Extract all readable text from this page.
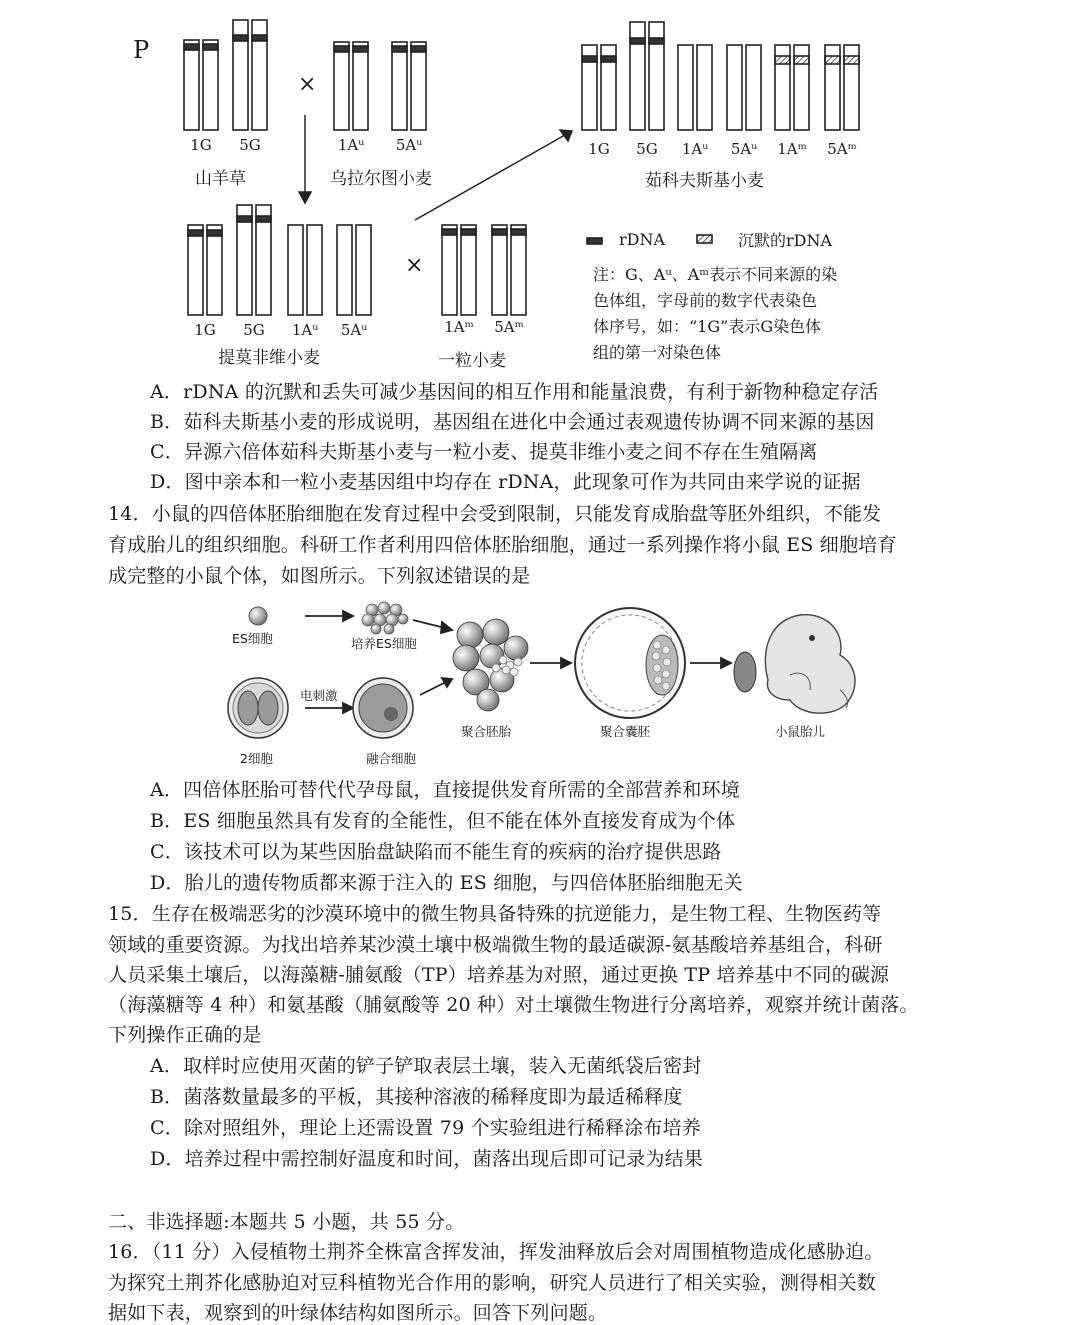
P
×
×
1G	5G
山羊草
1Aᵘ 5Aᵘ
乌拉尔图小麦
1G	5G	1Aᵘ 5Aᵘ 1Aᵐ 5Aᵐ
茹科夫斯基小麦
1G	5G	1Aᵘ 5Aᵘ
提莫非维小麦
1Aᵐ 5Aᵐ
一粒小麦
rDNA	沉默的rDNA
注：G、Aᵘ、Aᵐ表示不同来源的染
色体组，字母前的数字代表染色
体序号，如：“1G”表示G染色体
组的第一对染色体
A．rDNA 的沉默和丢失可减少基因间的相互作用和能量浪费，有利于新物种稳定存活
B．茹科夫斯基小麦的形成说明，基因组在进化中会通过表观遗传协调不同来源的基因
C．异源六倍体茹科夫斯基小麦与一粒小麦、提莫非维小麦之间不存在生殖隔离
D．图中亲本和一粒小麦基因组中均存在 rDNA，此现象可作为共同由来学说的证据
14．小鼠的四倍体胚胎细胞在发育过程中会受到限制，只能发育成胎盘等胚外组织，不能发
育成胎儿的组织细胞。科研工作者利用四倍体胚胎细胞，通过一系列操作将小鼠 ES 细胞培育
成完整的小鼠个体，如图所示。下列叙述错误的是
ES细胞	培养ES细胞
电刺激
2细胞	融合细胞
聚合胚胎	聚合囊胚	小鼠胎儿
A．四倍体胚胎可替代代孕母鼠，直接提供发育所需的全部营养和环境
B．ES 细胞虽然具有发育的全能性，但不能在体外直接发育成为个体
C．该技术可以为某些因胎盘缺陷而不能生育的疾病的治疗提供思路
D．胎儿的遗传物质都来源于注入的 ES 细胞，与四倍体胚胎细胞无关
15．生存在极端恶劣的沙漠环境中的微生物具备特殊的抗逆能力，是生物工程、生物医药等
领域的重要资源。为找出培养某沙漠土壤中极端微生物的最适碳源-氨基酸培养基组合，科研
人员采集土壤后，以海藻糖-脯氨酸（TP）培养基为对照，通过更换 TP 培养基中不同的碳源
（海藻糖等 4 种）和氨基酸（脯氨酸等 20 种）对土壤微生物进行分离培养，观察并统计菌落。
下列操作正确的是
A．取样时应使用灭菌的铲子铲取表层土壤，装入无菌纸袋后密封
B．菌落数量最多的平板，其接种溶液的稀释度即为最适稀释度
C．除对照组外，理论上还需设置 79 个实验组进行稀释涂布培养
D．培养过程中需控制好温度和时间，菌落出现后即可记录为结果
二、非选择题:本题共 5 小题，共 55 分。
16．（11 分）入侵植物土荆芥全株富含挥发油，挥发油释放后会对周围植物造成化感胁迫。
为探究土荆芥化感胁迫对豆科植物光合作用的影响，研究人员进行了相关实验，测得相关数
据如下表，观察到的叶绿体结构如图所示。回答下列问题。
